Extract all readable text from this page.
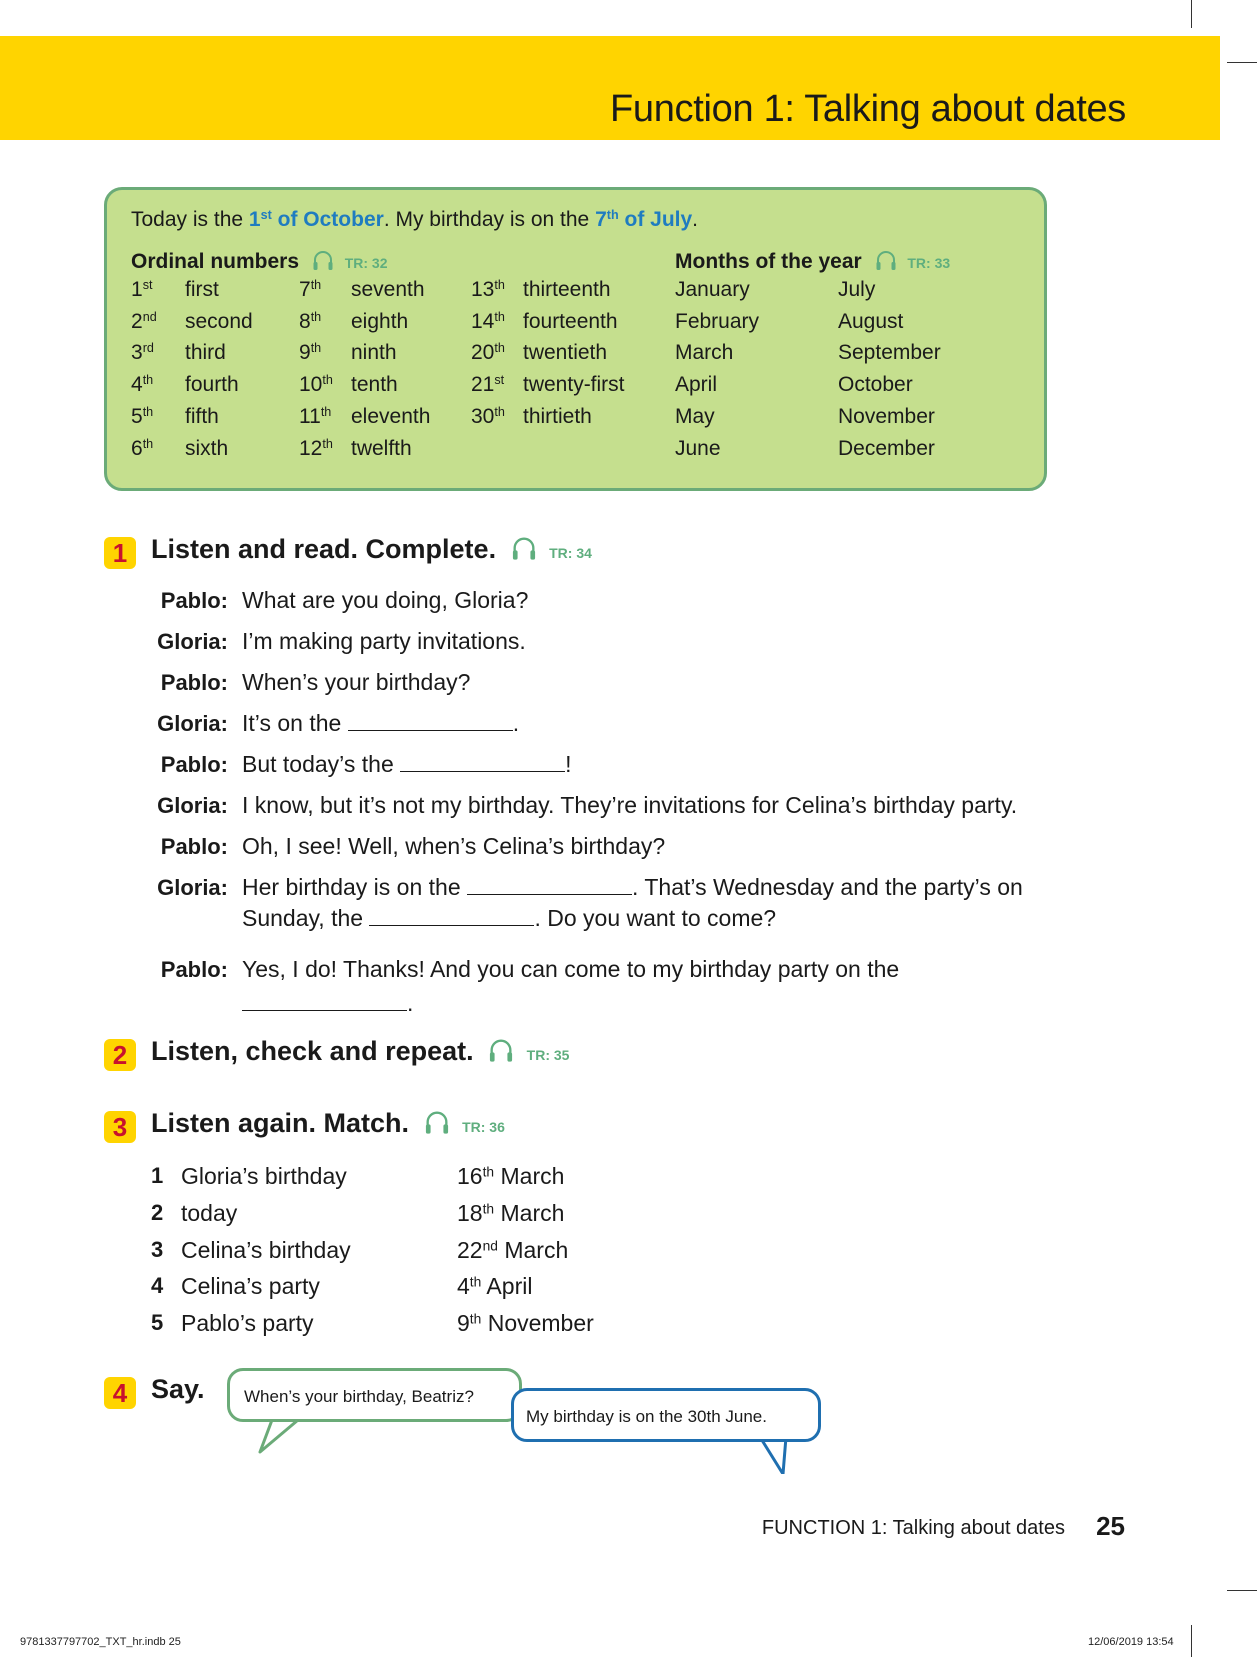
Function 1: Talking about dates
Today is the 1st of October. My birthday is on the 7th of July.
Ordinal numbers	TR: 32	Months of the year	TR: 33
1st first	7th seventh 13th thirteenth
2nd second 8th eighth	14th fourteenth
3rd third	9th ninth	20th twentieth
4th fourth	10th tenth	21st twenty-first
5th fifth	11th eleventh 30th thirtieth
6th sixth	12th twelfth
January	July
February	August
March	September
April	October
May	November
June	December
1 Listen and read. Complete.	TR: 34
Pablo: What are you doing, Gloria?
Gloria: I’m making party invitations.
Pablo: When’s your birthday?
Gloria: It’s on the	.
Pablo: But today’s the	!
Gloria: I know, but it’s not my birthday. They’re invitations for Celina’s birthday party.
Pablo: Oh, I see! Well, when’s Celina’s birthday?
Gloria: Her birthday is on the	. That’s Wednesday and the party’s on
Sunday, the	. Do you want to come?
Pablo: Yes, I do! Thanks! And you can come to my birthday party on the
.
2 Listen, check and repeat.	TR: 35
3 Listen again. Match.	TR: 36
1 Gloria’s birthday	16th March
2 today	18th March
3 Celina’s birthday	22nd March
4 Celina’s party	4th April
5 Pablo’s party	9th November
4 Say.	When’s your birthday, Beatriz?
My birthday is on the 30th June.
FUNCTION 1: Talking about dates 25
9781337797702_TXT_hr.indb 25	12/06/2019 13:54
